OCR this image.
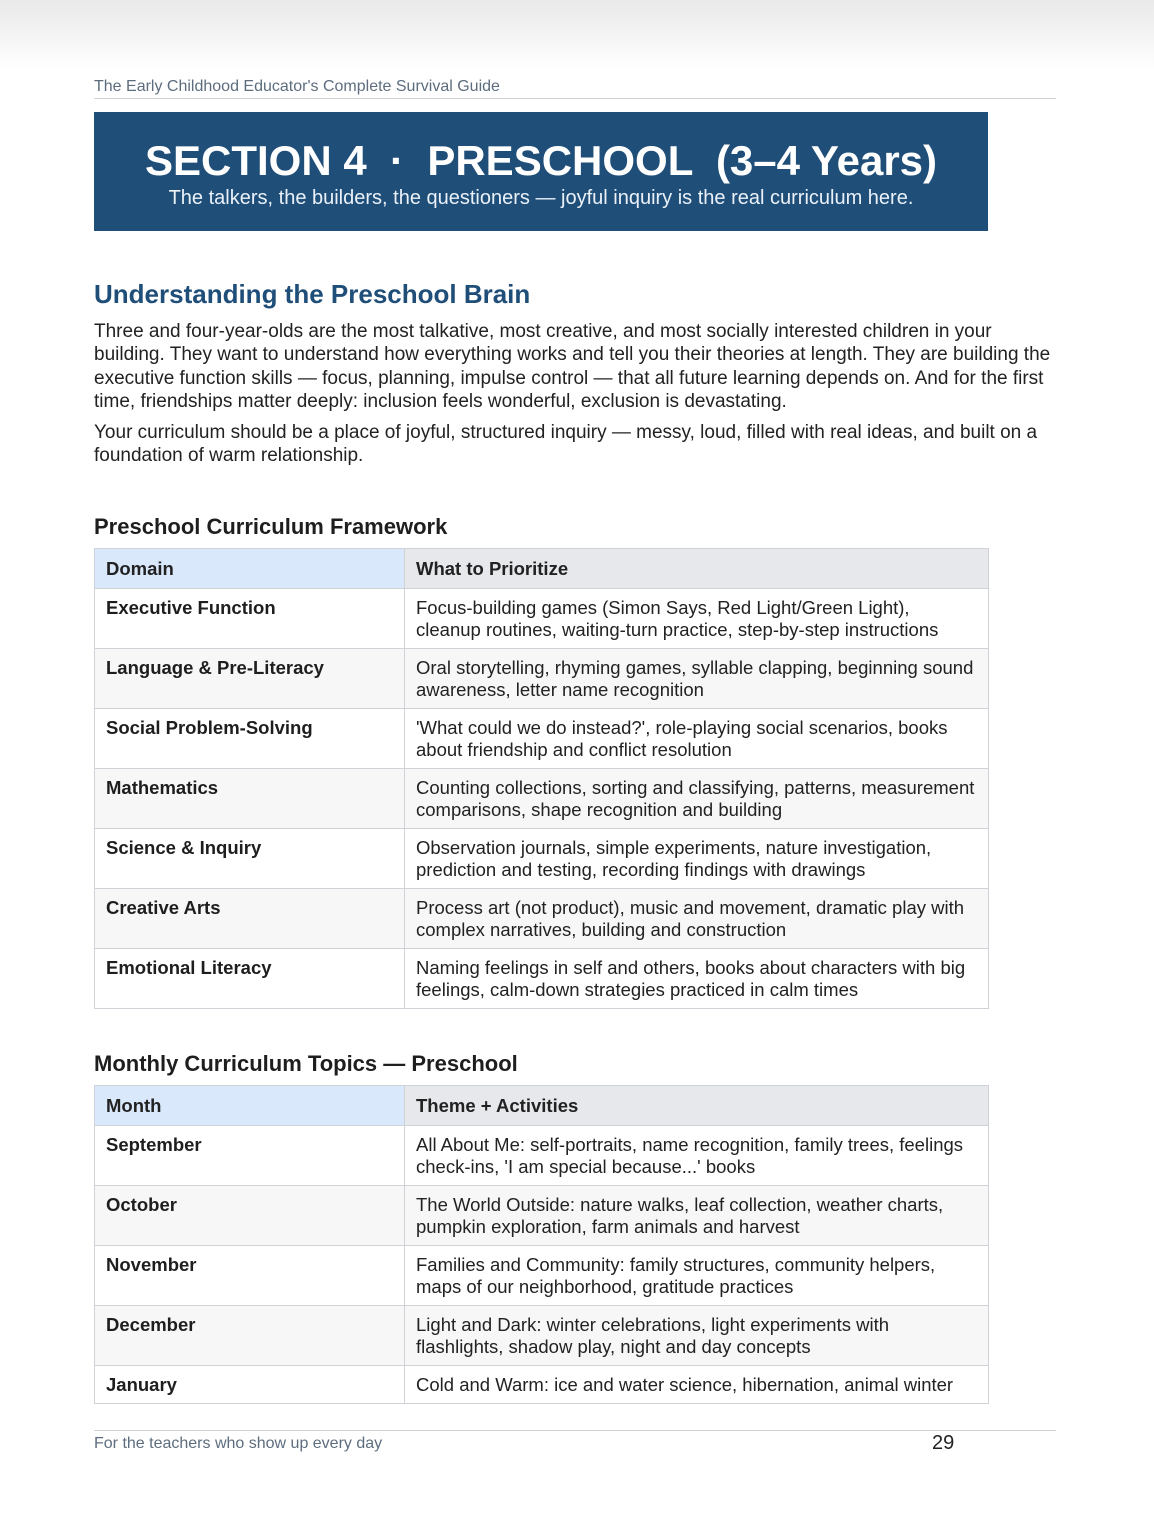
The Early Childhood Educator's Complete Survival Guide
SECTION 4  ·  PRESCHOOL  (3–4 Years)
The talkers, the builders, the questioners — joyful inquiry is the real curriculum here.
Understanding the Preschool Brain

Three and four-year-olds are the most talkative, most creative, and most socially interested children in your building. They want to understand how everything works and tell you their theories at length. They are building the executive function skills — focus, planning, impulse control — that all future learning depends on. And for the first time, friendships matter deeply: inclusion feels wonderful, exclusion is devastating.

Your curriculum should be a place of joyful, structured inquiry — messy, loud, filled with real ideas, and built on a foundation of warm relationship.

Preschool Curriculum Framework
Domain	What to Prioritize
Executive Function	Focus-building games (Simon Says, Red Light/Green Light), cleanup routines, waiting-turn practice, step-by-step instructions
Language & Pre-Literacy	Oral storytelling, rhyming games, syllable clapping, beginning sound awareness, letter name recognition
Social Problem-Solving	'What could we do instead?', role-playing social scenarios, books about friendship and conflict resolution
Mathematics	Counting collections, sorting and classifying, patterns, measurement comparisons, shape recognition and building
Science & Inquiry	Observation journals, simple experiments, nature investigation, prediction and testing, recording findings with drawings
Creative Arts	Process art (not product), music and movement, dramatic play with complex narratives, building and construction
Emotional Literacy	Naming feelings in self and others, books about characters with big feelings, calm-down strategies practiced in calm times
Monthly Curriculum Topics — Preschool
Month	Theme + Activities
September	All About Me: self-portraits, name recognition, family trees, feelings check-ins, 'I am special because...' books
October	The World Outside: nature walks, leaf collection, weather charts, pumpkin exploration, farm animals and harvest
November	Families and Community: family structures, community helpers, maps of our neighborhood, gratitude practices
December	Light and Dark: winter celebrations, light experiments with flashlights, shadow play, night and day concepts
January	Cold and Warm: ice and water science, hibernation, animal winter
For the teachers who show up every day	29
